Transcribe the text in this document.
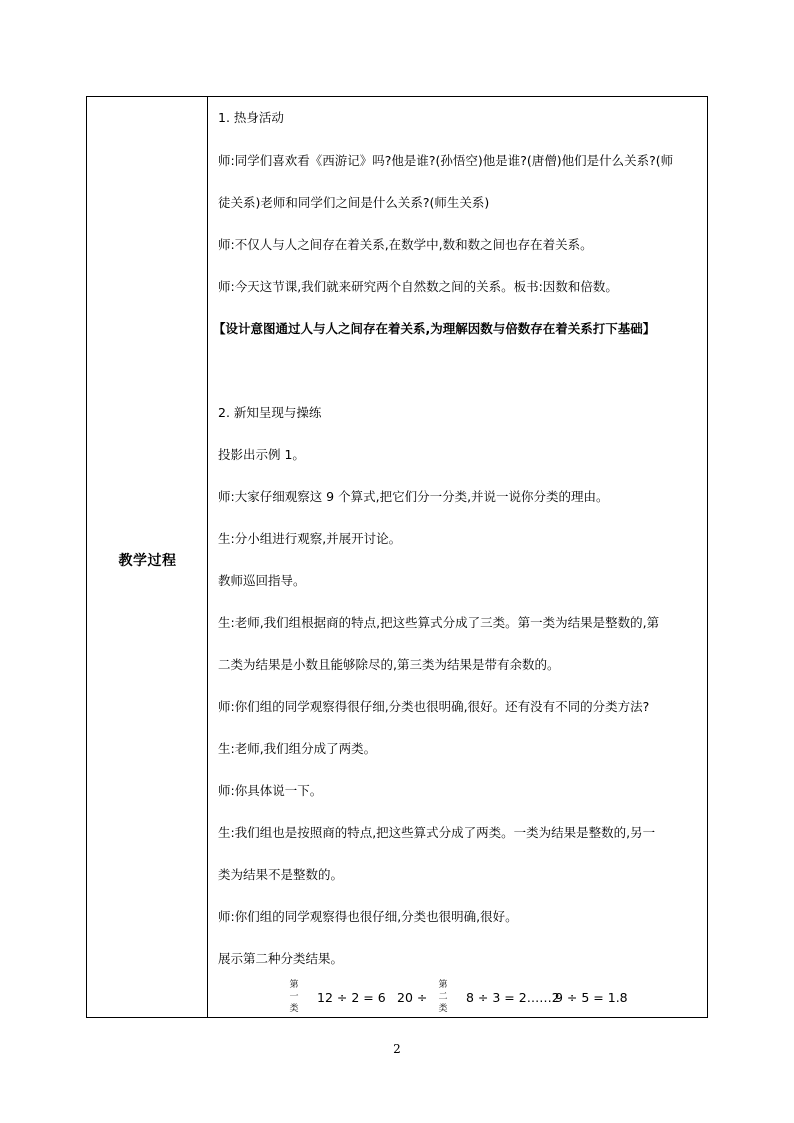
教学过程
1. 热身活动
师:同学们喜欢看《西游记》吗?他是谁?(孙悟空)他是谁?(唐僧)他们是什么关系?(师
徒关系)老师和同学们之间是什么关系?(师生关系)
师:不仅人与人之间存在着关系,在数学中,数和数之间也存在着关系。
师:今天这节课,我们就来研究两个自然数之间的关系。板书:因数和倍数。
【设计意图通过人与人之间存在着关系,为理解因数与倍数存在着关系打下基础】
2. 新知呈现与操练
投影出示例 1。
师:大家仔细观察这 9 个算式,把它们分一分类,并说一说你分类的理由。
生:分小组进行观察,并展开讨论。
教师巡回指导。
生:老师,我们组根据商的特点,把这些算式分成了三类。第一类为结果是整数的,第
二类为结果是小数且能够除尽的,第三类为结果是带有余数的。
师:你们组的同学观察得很仔细,分类也很明确,很好。还有没有不同的分类方法?
生:老师,我们组分成了两类。
师:你具体说一下。
生:我们组也是按照商的特点,把这些算式分成了两类。一类为结果是整数的,另一
类为结果不是整数的。
师:你们组的同学观察得也很仔细,分类也很明确,很好。
展示第二种分类结果。
第
一
类
12 ÷ 2 = 6 20 ÷
第
二
类
8 ÷ 3 = 2……2
9 ÷ 5 = 1.8
2
